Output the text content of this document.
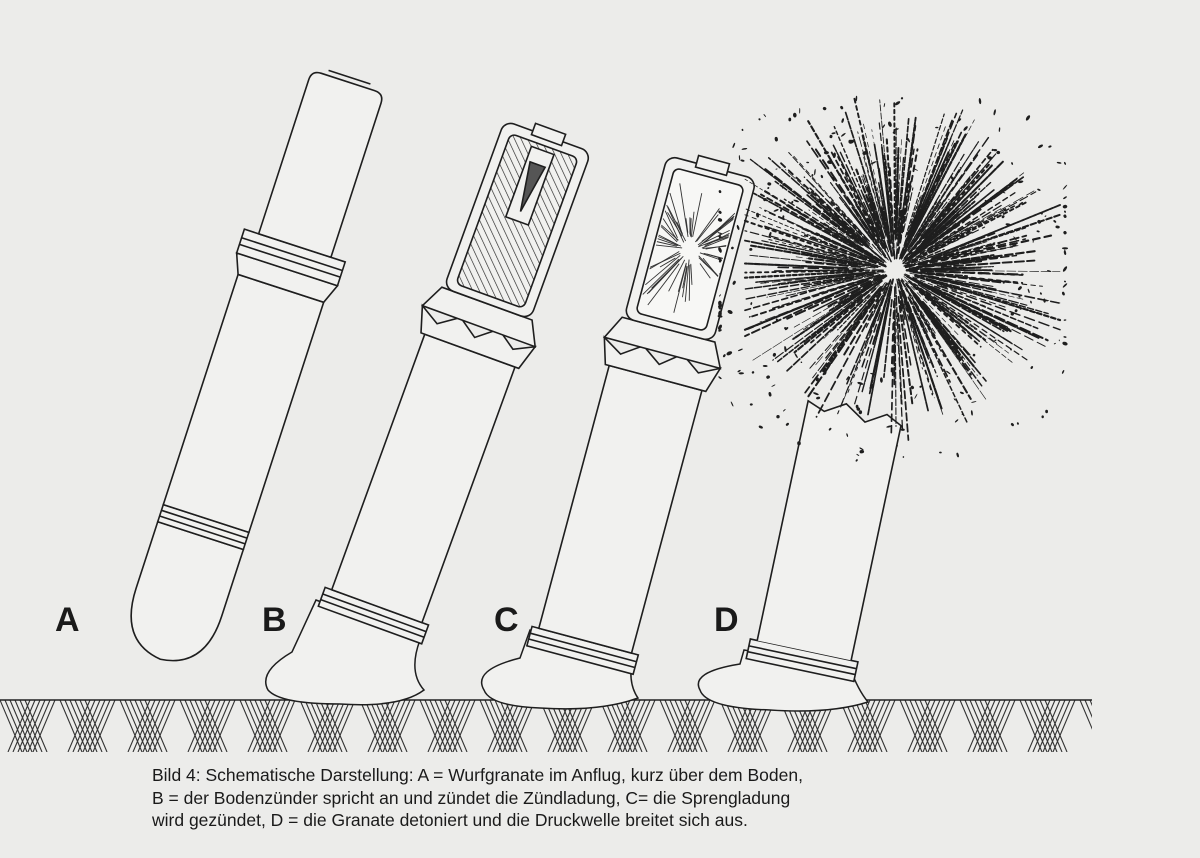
A	B	C	D
Bild 4: Schematische Darstellung: A = Wurfgranate im Anflug, kurz über dem Boden,
B = der Bodenzünder spricht an und zündet die Zündladung, C= die Sprengladung
wird gezündet, D = die Granate detoniert und die Druckwelle breitet sich aus.
